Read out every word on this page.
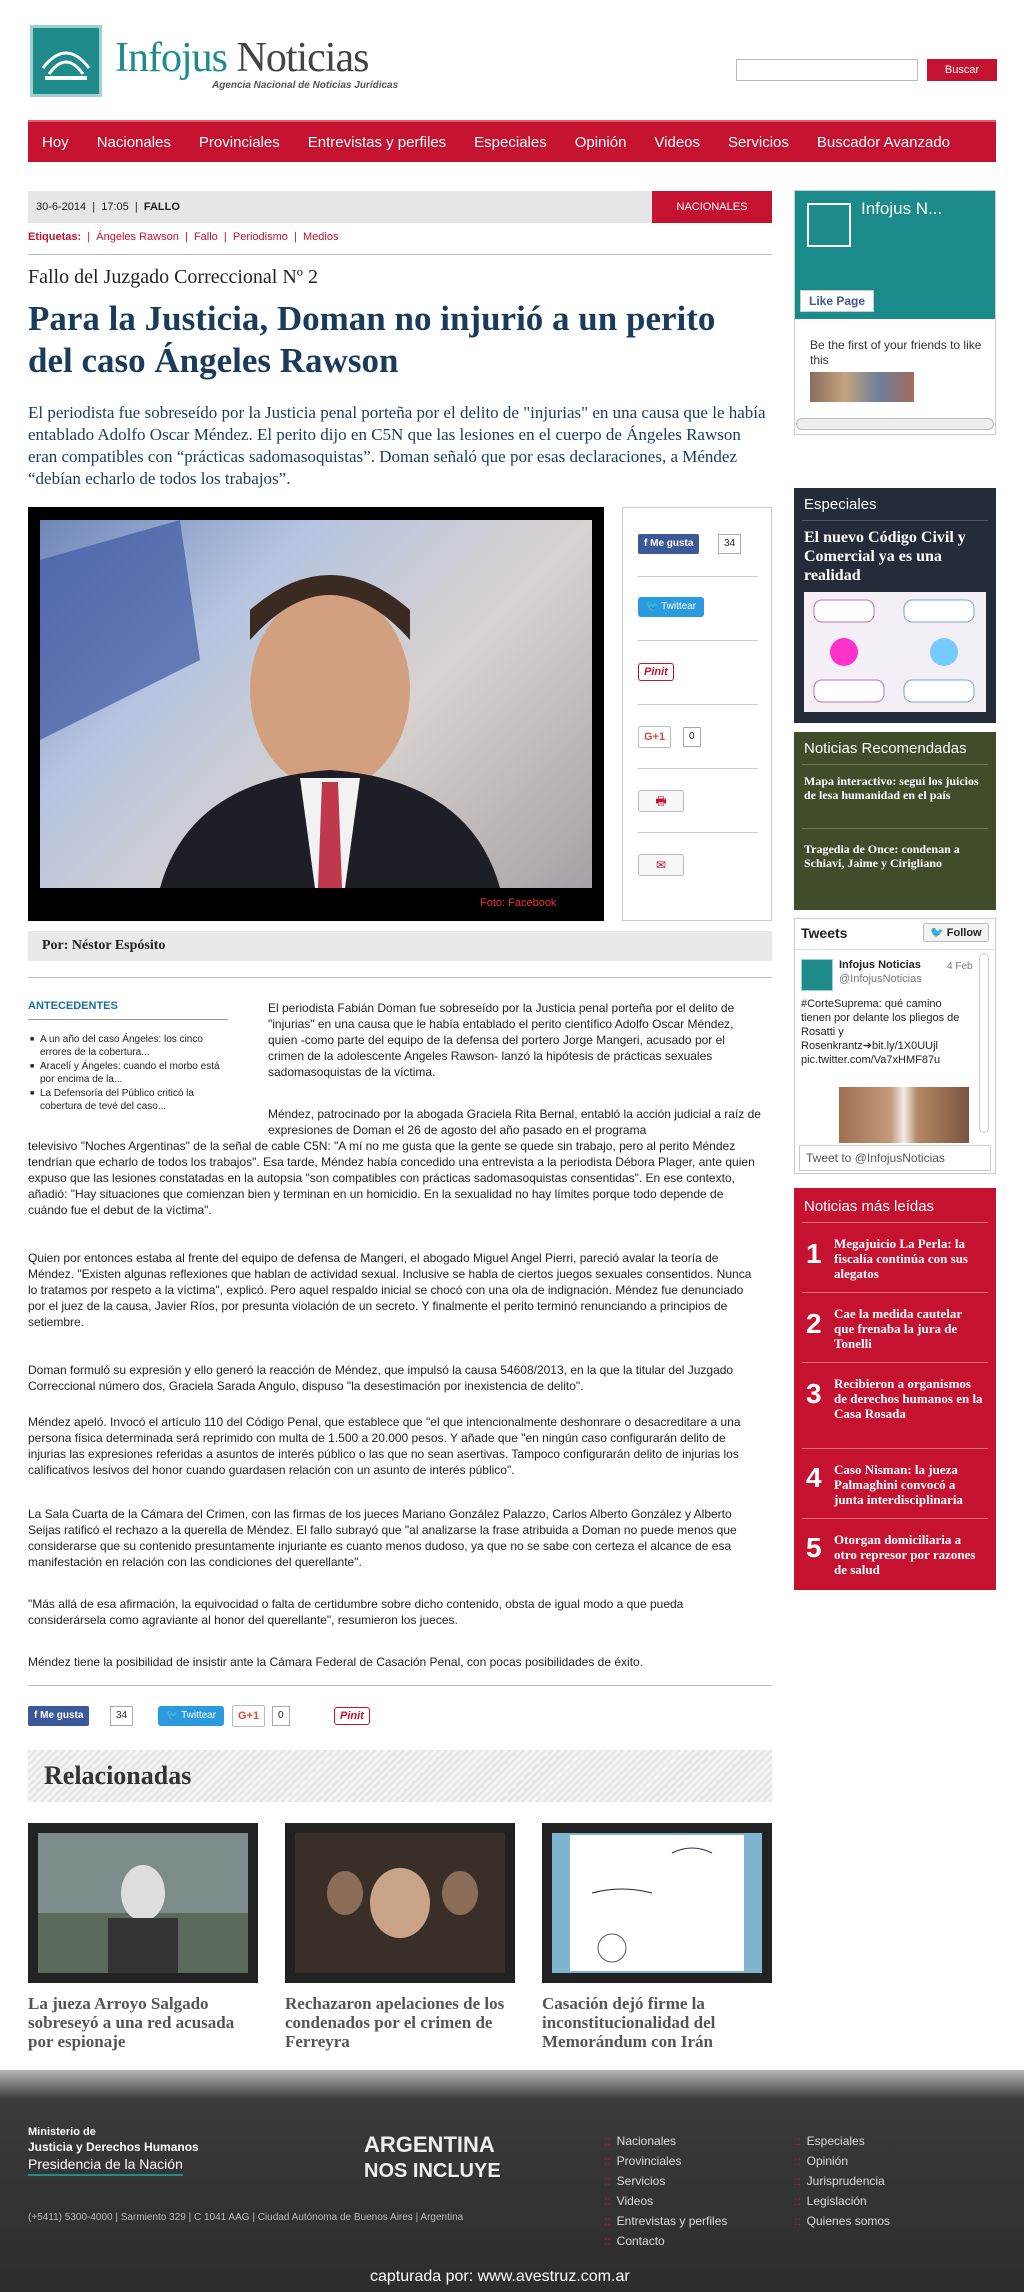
Infojus Noticias
Agencia Nacional de Noticias Jurídicas
Buscar
Hoy Nacionales Provinciales Entrevistas y perfiles Especiales Opinión Videos Servicios Buscador Avanzado
30-6-2014  |  17:05  |  FALLO	NACIONALES
Etiquetas:  |  Ángeles Rawson  |  Fallo  |  Periodismo  |  Medios
Fallo del Juzgado Correccional Nº 2
Para la Justicia, Doman no injurió a un perito del caso Ángeles Rawson
El periodista fue sobreseído por la Justicia penal porteña por el delito de "injurias" en una causa que le había entablado Adolfo Oscar Méndez. El perito dijo en C5N que las lesiones en el cuerpo de Ángeles Rawson eran compatibles con “prácticas sadomasoquistas”. Doman señaló que por esas declaraciones, a Méndez “debían echarlo de todos los trabajos”.
Foto: Facebook
f Me gusta	34
🐦 Twittear
Pinit
G+1	0
🖶
✉
Por: Néstor Espósito
ANTECEDENTES
■ A un año del caso Ángeles: los cinco errores de la cobertura...
■ Aracelí y Ángeles: cuando el morbo está por encima de la...
■ La Defensoría del Público criticó la cobertura de tevé del caso...
El periodista Fabián Doman fue sobreseído por la Justicia penal porteña por el delito de "injurias" en una causa que le había entablado el perito científico Adolfo Oscar Méndez, quien -como parte del equipo de la defensa del portero Jorge Mangeri, acusado por el crimen de la adolescente Angeles Rawson- lanzó la hipótesis de prácticas sexuales sadomasoquistas de la víctima.
Méndez, patrocinado por la abogada Graciela Rita Bernal, entabló la acción judicial a raíz de expresiones de Doman el 26 de agosto del año pasado en el programa
televisivo "Noches Argentinas" de la señal de cable C5N: "A mí no me gusta que la gente se quede sin trabajo, pero al perito Méndez tendrían que echarlo de todos los trabajos". Esa tarde, Méndez había concedido una entrevista a la periodista Débora Plager, ante quien expuso que las lesiones constatadas en la autopsia "son compatibles con prácticas sadomasoquistas consentidas". En ese contexto, añadió: "Hay situaciones que comienzan bien y terminan en un homicidio. En la sexualidad no hay límites porque todo depende de cuándo fue el debut de la víctima".
Quien por entonces estaba al frente del equipo de defensa de Mangeri, el abogado Miguel Angel Pierri, pareció avalar la teoría de Méndez. "Existen algunas reflexiones que hablan de actividad sexual. Inclusive se habla de ciertos juegos sexuales consentidos. Nunca lo tratamos por respeto a la víctima", explicó. Pero aquel respaldo inicial se chocó con una ola de indignación. Méndez fue denunciado por el juez de la causa, Javier Ríos, por presunta violación de un secreto. Y finalmente el perito terminó renunciando a principios de setiembre.
Doman formuló su expresión y ello generó la reacción de Méndez, que impulsó la causa 54608/2013, en la que la titular del Juzgado Correccional número dos, Graciela Sarada Angulo, dispuso "la desestimación por inexistencia de delito".
Méndez apeló. Invocó el artículo 110 del Código Penal, que establece que "el que intencionalmente deshonrare o desacreditare a una persona física determinada será reprimido con multa de 1.500 a 20.000 pesos. Y añade que "en ningún caso configurarán delito de injurias las expresiones referidas a asuntos de interés público o las que no sean asertivas. Tampoco configurarán delito de injurias los calificativos lesivos del honor cuando guardasen relación con un asunto de interés público".
La Sala Cuarta de la Cámara del Crimen, con las firmas de los jueces Mariano González Palazzo, Carlos Alberto González y Alberto Seijas ratificó el rechazo a la querella de Méndez. El fallo subrayó que "al analizarse la frase atribuida a Doman no puede menos que considerarse que su contenido presuntamente injuriante es cuanto menos dudoso, ya que no se sabe con certeza el alcance de esa manifestación en relación con las condiciones del querellante".
"Más allá de esa afirmación, la equivocidad o falta de certidumbre sobre dicho contenido, obsta de igual modo a que pueda considerársela como agraviante al honor del querellante", resumieron los jueces.
Méndez tiene la posibilidad de insistir ante la Cámara Federal de Casación Penal, con pocas posibilidades de éxito.
f Me gusta	34	🐦 Twittear	G+1	0	Pinit
Relacionadas
La jueza Arroyo Salgado sobreseyó a una red acusada por espionaje
Rechazaron apelaciones de los condenados por el crimen de Ferreyra
Casación dejó firme la inconstitucionalidad del Memorándum con Irán
Infojus N...
Like Page
Be the first of your friends to like this
Especiales
El nuevo Código Civil y Comercial ya es una realidad
Noticias Recomendadas
Mapa interactivo: seguí los juicios de lesa humanidad en el país
Tragedia de Once: condenan a Schiavi, Jaime y Cirigliano
Tweets	🐦 Follow
Infojus Noticias	4 Feb
@InfojusNoticias
#CorteSuprema: qué camino tienen por delante los pliegos de Rosatti y Rosenkrantz➔bit.ly/1X0UUjl pic.twitter.com/Va7xHMF87u
Tweet to @InfojusNoticias
Noticias más leídas
1 Megajuicio La Perla: la fiscalía continúa con sus alegatos
2 Cae la medida cautelar que frenaba la jura de Tonelli
3 Recibieron a organismos de derechos humanos en la Casa Rosada
4 Caso Nisman: la jueza Palmaghini convocó a junta interdisciplinaria
5 Otorgan domiciliaria a otro represor por razones de salud
Ministerio de
Justicia y Derechos Humanos
Presidencia de la Nación
ARGENTINA
NOS INCLUYE
(+5411) 5300-4000 | Sarmiento 329 | C 1041 AAG | Ciudad Autónoma de Buenos Aires | Argentina
:: Nacionales
:: Provinciales
:: Servicios
:: Videos
:: Entrevistas y perfiles
:: Contacto
:: Especiales
:: Opinión
:: Jurisprudencia
:: Legislación
:: Quienes somos
capturada por: www.avestruz.com.ar
